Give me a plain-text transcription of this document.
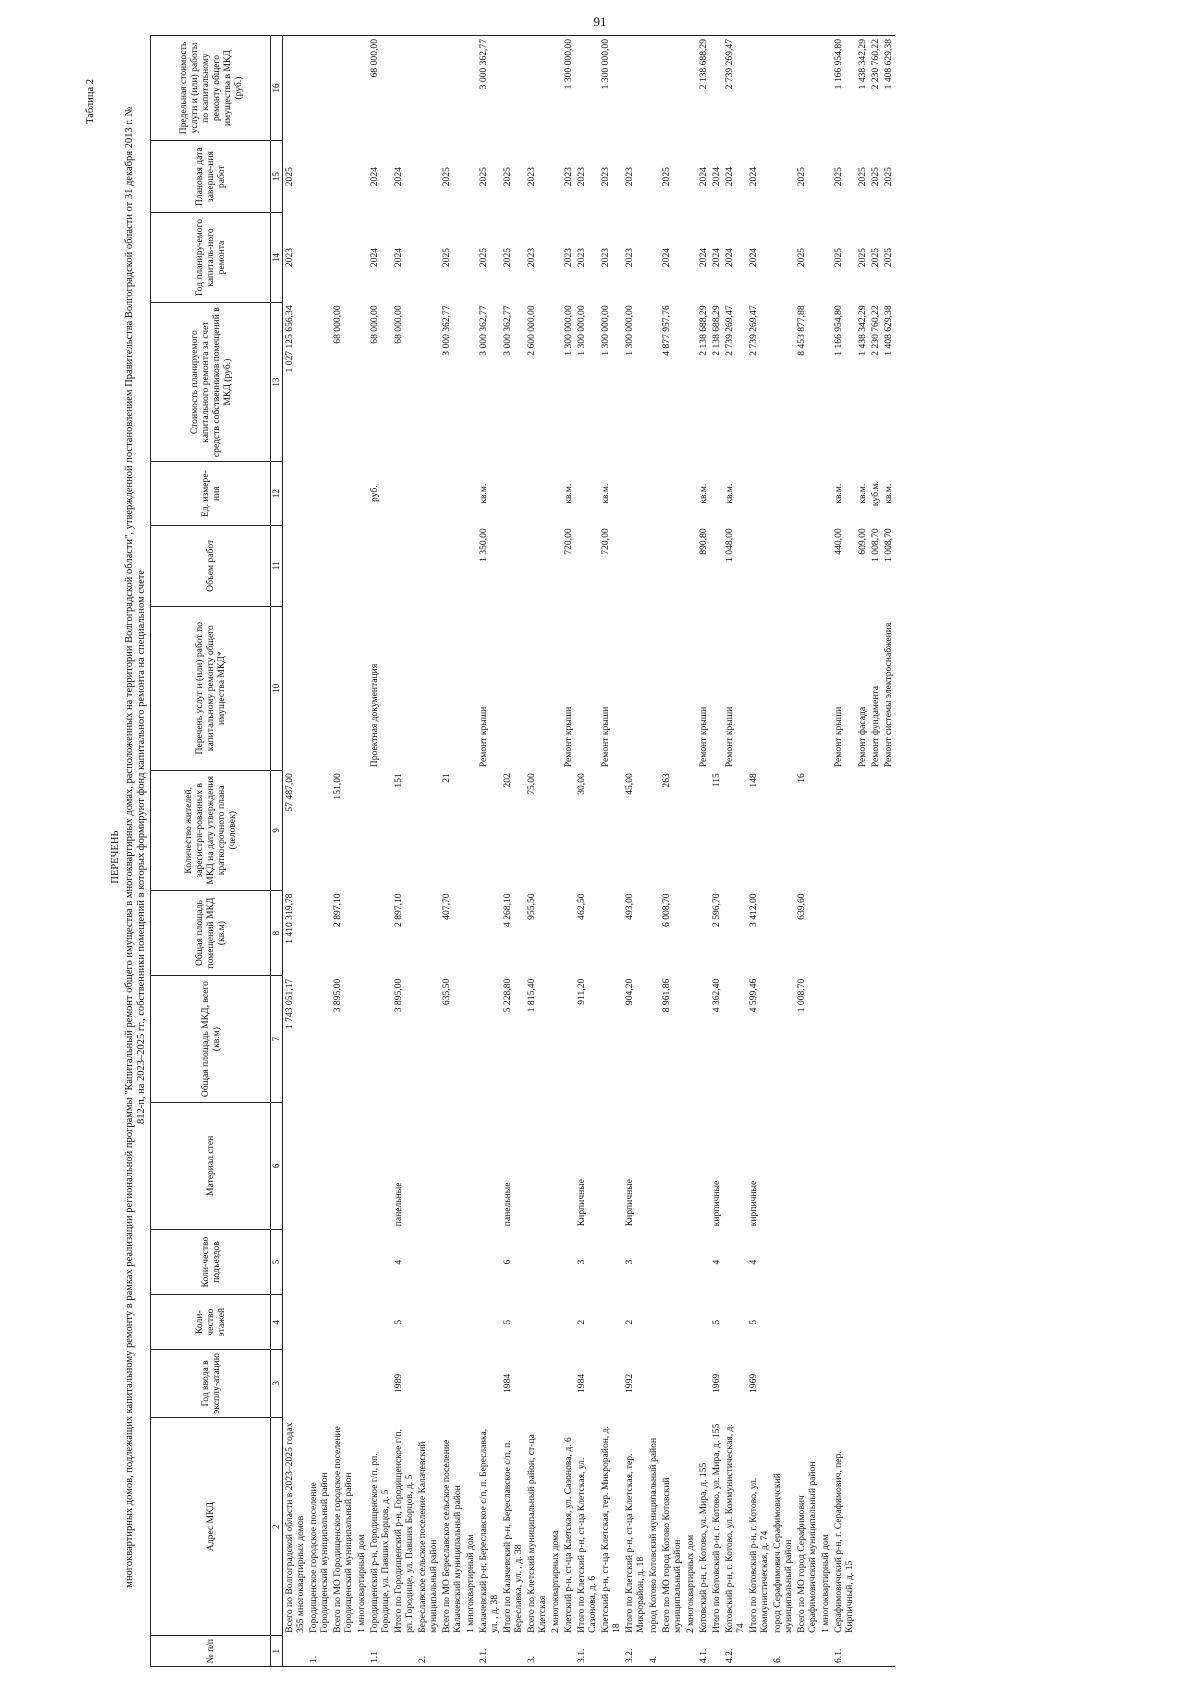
91
Таблица 2
ПЕРЕЧЕНЬ многоквартирных домов, подлежащих капитальному ремонту в рамках реализации региональной программы "Капитальный ремонт общего имущества в многоквартирных домах, расположенных на территории Волгоградской области", утвержденной постановлением Правительства Волгоградской области от 31 декабря 2013 г. № 812-п, на 2023–2025 гг., собственники помещений в которых формируют фонд капитального ремонта на специальном счете
№ п/п	Адрес МКД	Год ввода в эксплу-атацию	Коли-чество этажей	Коли-чество подъездов	Материал стен	Общая площадь МКД, всего (кв.м)	Общая площадь помещений МКД (кв.м)	Количество жителей, зарегистри-рованных в МКД на дату утверждения краткосрочного плана (человек)	Перечень услуг и (или) работ по капитальному ремонту общего имущества МКД*	Объем работ	Ед. измере-ния	Стоимость планируемого капитального ремонта за счет средств собственников помещений в МКД (руб.)	Год планиру-емого капиталь-ного ремонта	Плановая дата заверше-ния работ	Предельная стоимость услуги и (или) работы по капитальному ремонту общего имущества в МКД (руб.)
1	2	3	4	5	6	7	8	9	10	11	12	13	14	15	16
	Всего по Волгоградской области в 2023–2025 годах 355 многоквартирных домов					1 743 051,17	1 410 319,78	57 487,00				1 027 125 656,34	2023	2025	
1.	Городищенское городское поселение Городищенский муниципальный район														
	Всего по МО Городищенское городское поселение Городищенский муниципальный район					3 895,00	2 897,10	151,00				68 000,00			
	1 многоквартирный дом														
1.1	Городищенский р-н, Городищенское г/п, рп. Городище, ул. Павших Борцов, д. 5								Проектная документация		руб.	68 000,00	2024	2024	68 000,00
	Итого по Городищенский р-н, Городищенское г/п, рп. Городище, ул. Павших Борцов, д. 5	1989	5	4	панельные	3 895,00	2 897,10	151				68 000,00	2024	2024	
2.	Береславское сельское поселение Калачевский муниципальный район														
	Всего по МО Береславское сельское поселение Калачевский муниципальный район					635,50	407,70	21				3 000 362,77	2025	2025	
	1 многоквартирный дом														
2.1.	Калачевский р-н, Береславское с/п, п. Береславка, ул. , д. 38								Ремонт крыши	1 350,00	кв.м.	3 000 362,77	2025	2025	3 000 362,77
	Итого по Калачевский р-н, Береславское с/п, п. Береславка, ул. , д. 38	1984	5	6	панельные	5 228,80	4 268,10	202				3 000 362,77	2025	2025	
3.	Всего по Клетский муниципальный район, ст-ца Клетская					1 815,40	955,50	75,00				2 600 000,00	2023	2023	
	2 многоквартирных дома														
	Клетский р-н, ст-ца Клетская, ул. Сазонова, д. 6								Ремонт крыши	720,00	кв.м.	1 300 000,00	2023	2023	1 300 000,00
3.1.	Итого по Клетский р-н, ст-ца Клетская, ул. Сазонова, д. 6	1984	2	3	Кирпичные	911,20	462,50	30,00				1 300 000,00	2023	2023	
	Клетский р-н, ст-ца Клетская, тер. Микрорайон, д. 18								Ремонт крыши	720,00	кв.м.	1 300 000,00	2023	2023	1 300 000,00
3.2.	Итого по Клетский р-н, ст-ца Клетская, тер. Микрорайон, д. 18	1992	2	3	Кирпичные	904,20	493,00	45,00				1 300 000,00	2023	2023	
4.	город Котово Котовский муниципальный район														
	Всего по МО город Котово Котовский муниципальный район					8 961,86	6 008,70	263				4 877 957,76	2024	2025	
	2 многоквартирных дом														
4.1.	Котовский р-н, г. Котово, ул. Мира, д. 155								Ремонт крыши	890,80	кв.м.	2 138 688,29	2024	2024	2 138 688,29
	Итого по Котовский р-н, г. Котово, ул. Мира, д. 155	1969	5	4	кирпичные	4 362,40	2 596,70	115				2 138 688,29	2024	2024	
4.2.	Котовский р-н, г. Котово, ул. Коммунистическая, д. 74								Ремонт крыши	1 048,00	кв.м.	2 739 269,47	2024	2024	2 739 269,47
	Итого по Котовский р-н, г. Котово, ул. Коммунистическая, д. 74	1969	5	4	кирпичные	4 599,46	3 412,00	148				2 739 269,47	2024	2024	
6.	город Серафимович Серафимовичский муниципальный район														
	Всего по МО город Серафимович Серафимовичский муниципальный район					1 008,70	639,60	16				8 453 877,88	2025	2025	
	1 многоквартирный дом														
6.1.	Серафимовичский р-н, г. Серафимович, пер. Кирпичный, д. 15								Ремонт крыши	440,00	кв.м.	1 166 954,80	2025	2025	1 166 954,80
									Ремонт фасада	609,00	кв.м.	1 438 342,29	2025	2025	1 438 342,29
									Ремонт фундамента	1 008,70	куб.м.	2 230 760,22	2025	2025	2 230 760,22
									Ремонт системы электроснабжения	1 008,70	кв.м.	1 408 629,38	2025	2025	1 408 629,38
